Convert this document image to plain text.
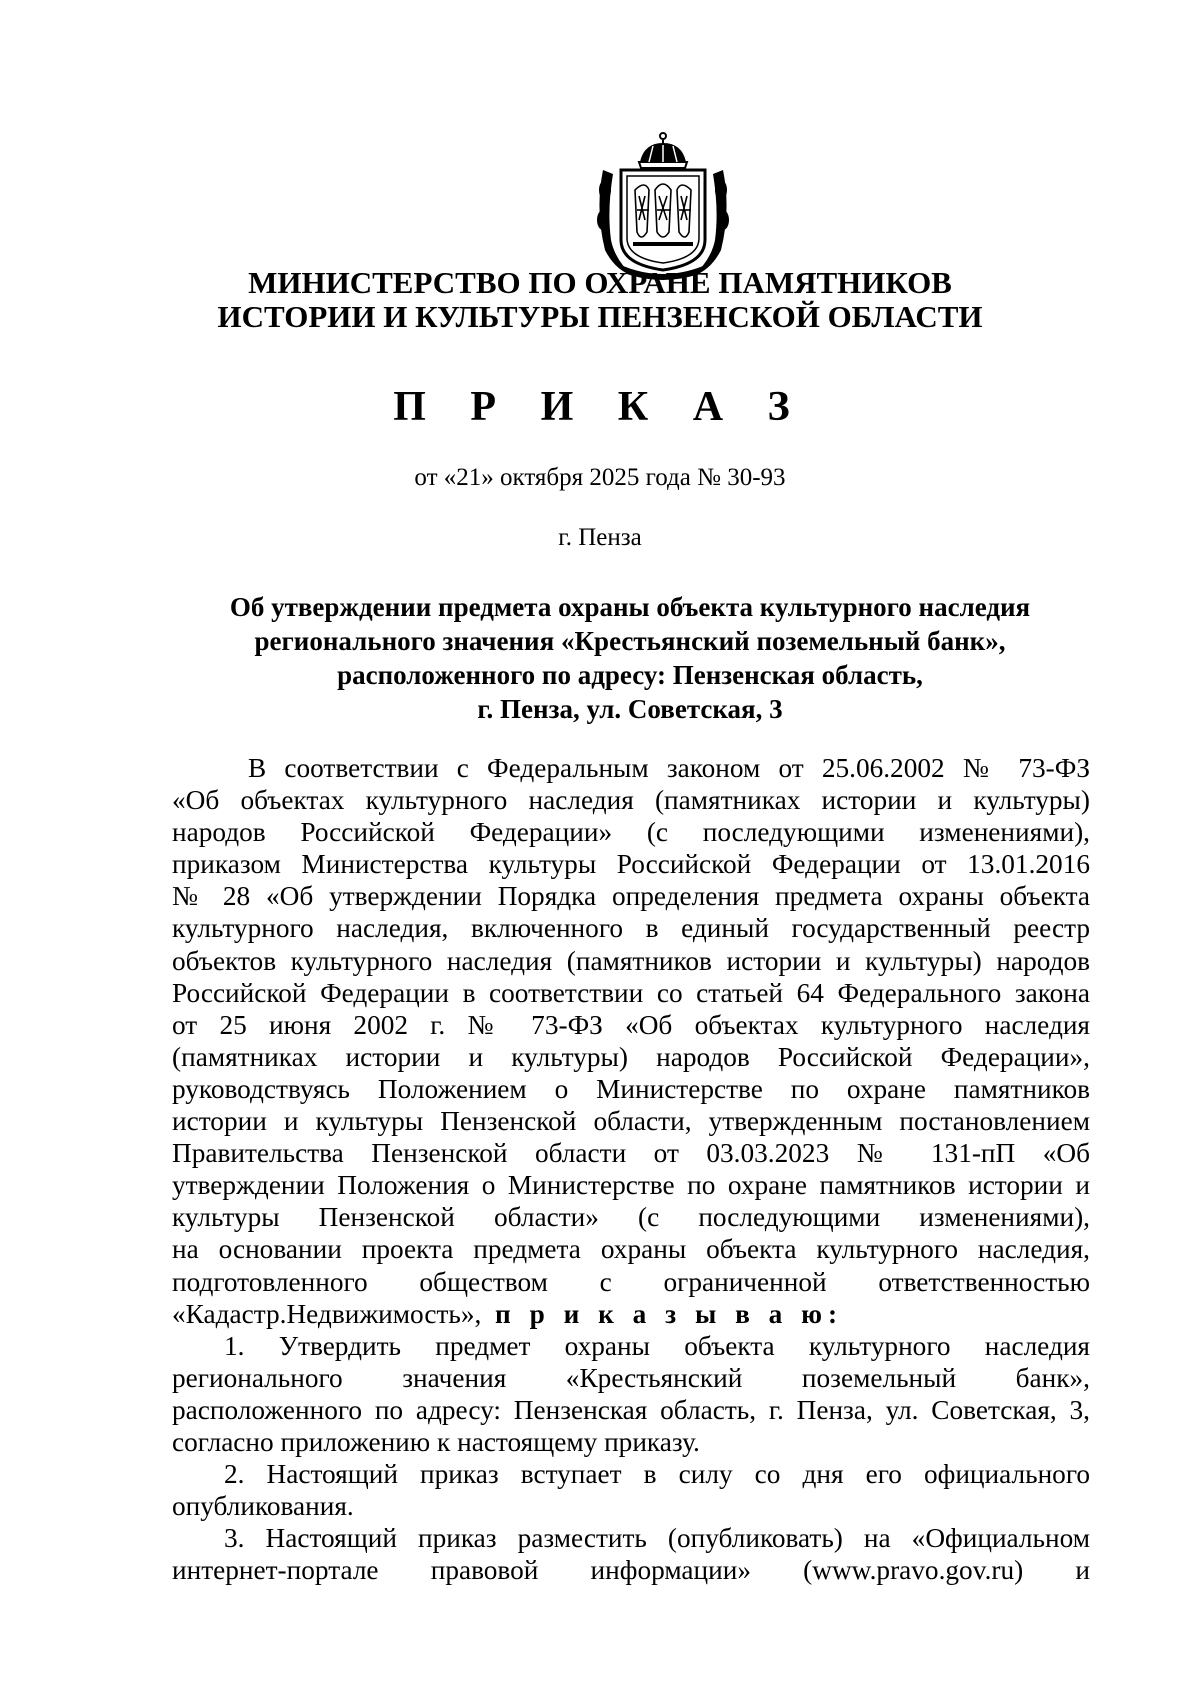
МИНИСТЕРСТВО ПО ОХРАНЕ ПАМЯТНИКОВ
ИСТОРИИ И КУЛЬТУРЫ ПЕНЗЕНСКОЙ ОБЛАСТИ
П Р И К А З
от «21» октября 2025 года № 30-93
г. Пенза
Об утверждении предмета охраны объекта культурного наследия
регионального значения «Крестьянский поземельный банк»,
расположенного по адресу: Пензенская область,
г. Пенза, ул. Советская, 3
В соответствии с Федеральным законом от 25.06.2002 № 73-ФЗ
«Об объектах культурного наследия (памятниках истории и культуры)
народов Российской Федерации» (с последующими изменениями),
приказом Министерства культуры Российской Федерации от 13.01.2016
№ 28 «Об утверждении Порядка определения предмета охраны объекта
культурного наследия, включенного в единый государственный реестр
объектов культурного наследия (памятников истории и культуры) народов
Российской Федерации в соответствии со статьей 64 Федерального закона
от 25 июня 2002 г. № 73-ФЗ «Об объектах культурного наследия
(памятниках истории и культуры) народов Российской Федерации»,
руководствуясь Положением о Министерстве по охране памятников
истории и культуры Пензенской области, утвержденным постановлением
Правительства Пензенской области от 03.03.2023 № 131-пП «Об
утверждении Положения о Министерстве по охране памятников истории и
культуры Пензенской области» (с последующими изменениями),
на основании проекта предмета охраны объекта культурного наследия,
подготовленного обществом с ограниченной ответственностью
«Кадастр.Недвижимость», п р и к а з ы в а ю:
1. Утвердить предмет охраны объекта культурного наследия
регионального значения «Крестьянский поземельный банк»,
расположенного по адресу: Пензенская область, г. Пенза, ул. Советская, 3,
согласно приложению к настоящему приказу.
2. Настоящий приказ вступает в силу со дня его официального
опубликования.
3. Настоящий приказ разместить (опубликовать) на «Официальном
интернет-портале правовой информации» (www.pravo.gov.ru) и
